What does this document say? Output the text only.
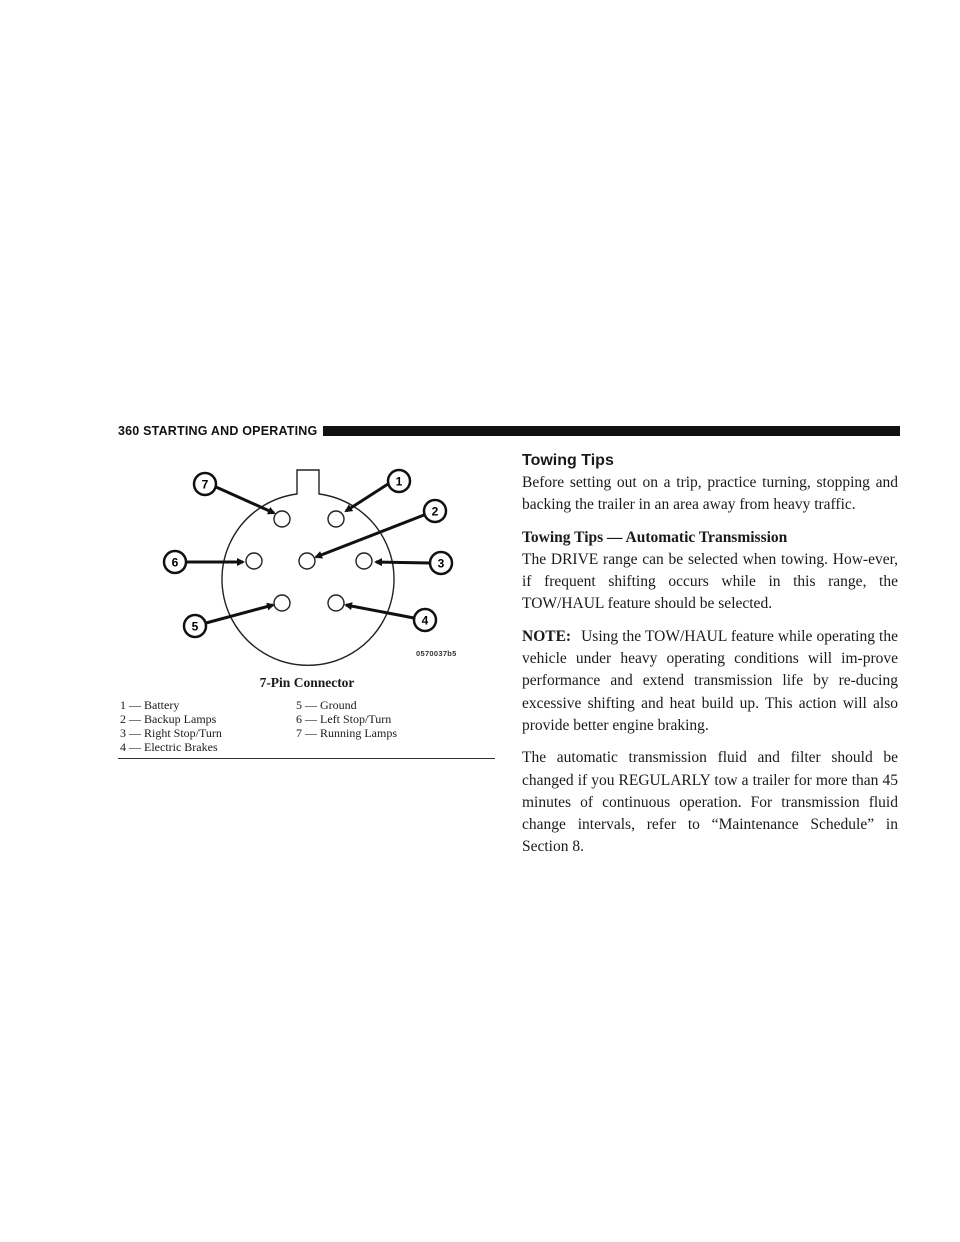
360 STARTING AND OPERATING
7	1
2
6	3
5	4
0570037b5
7-Pin Connector
1 — Battery
2 — Backup Lamps
3 — Right Stop/Turn
4 — Electric Brakes
5 — Ground
6 — Left Stop/Turn
7 — Running Lamps
Towing Tips

Before setting out on a trip, practice turning, stopping and backing the trailer in an area away from heavy traffic.

Towing Tips — Automatic Transmission

The DRIVE range can be selected when towing. How-ever, if frequent shifting occurs while in this range, the TOW/HAUL feature should be selected.

NOTE: Using the TOW/HAUL feature while operating the vehicle under heavy operating conditions will im-prove performance and extend transmission life by re-ducing excessive shifting and heat build up. This action will also provide better engine braking.

The automatic transmission fluid and filter should be changed if you REGULARLY tow a trailer for more than 45 minutes of continuous operation. For transmission fluid change intervals, refer to “Maintenance Schedule” in Section 8.
